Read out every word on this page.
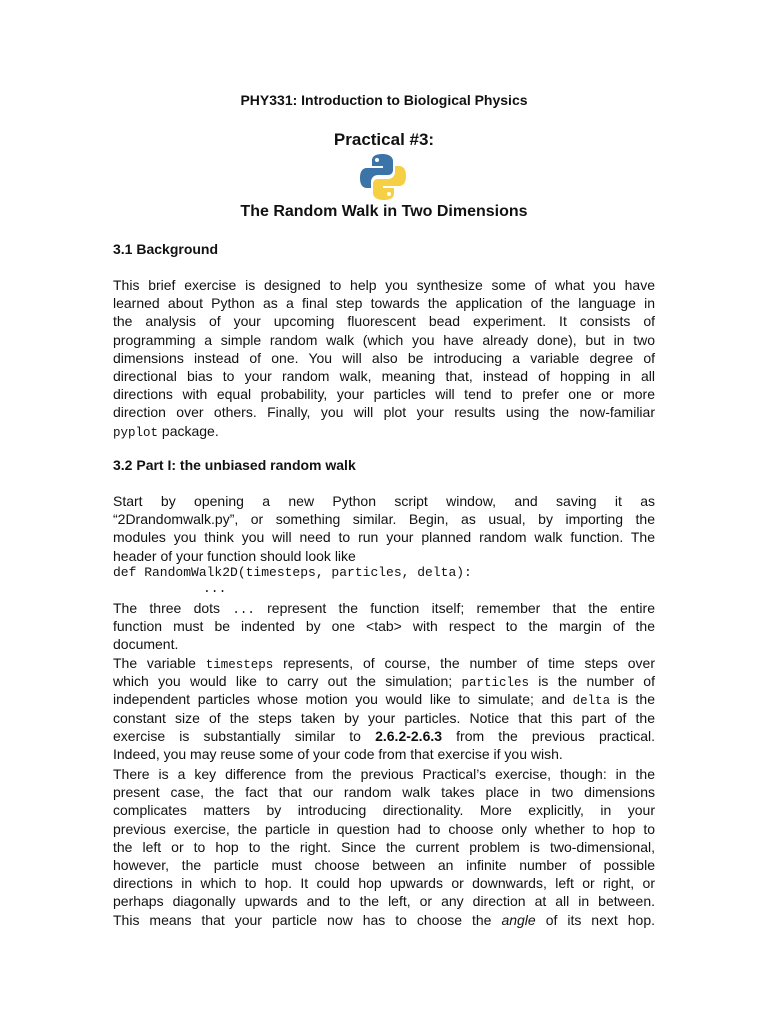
PHY331: Introduction to Biological Physics
Practical #3:
The Random Walk in Two Dimensions
3.1 Background
This brief exercise is designed to help you synthesize some of what you have
learned about Python as a final step towards the application of the language in
the analysis of your upcoming fluorescent bead experiment. It consists of
programming a simple random walk (which you have already done), but in two
dimensions instead of one. You will also be introducing a variable degree of
directional bias to your random walk, meaning that, instead of hopping in all
directions with equal probability, your particles will tend to prefer one or more
direction over others. Finally, you will plot your results using the now-familiar
pyplot package.
3.2 Part I: the unbiased random walk
Start by opening a new Python script window, and saving it as
“2Drandomwalk.py”, or something similar. Begin, as usual, by importing the
modules you think you will need to run your planned random walk function. The
header of your function should look like
def RandomWalk2D(timesteps, particles, delta):
...
The three dots ... represent the function itself; remember that the entire
function must be indented by one <tab> with respect to the margin of the
document.
The variable timesteps represents, of course, the number of time steps over
which you would like to carry out the simulation; particles is the number of
independent particles whose motion you would like to simulate; and delta is the
constant size of the steps taken by your particles. Notice that this part of the
exercise is substantially similar to 2.6.2-2.6.3 from the previous practical.
Indeed, you may reuse some of your code from that exercise if you wish.
There is a key difference from the previous Practical’s exercise, though: in the
present case, the fact that our random walk takes place in two dimensions
complicates matters by introducing directionality. More explicitly, in your
previous exercise, the particle in question had to choose only whether to hop to
the left or to hop to the right. Since the current problem is two-dimensional,
however, the particle must choose between an infinite number of possible
directions in which to hop. It could hop upwards or downwards, left or right, or
perhaps diagonally upwards and to the left, or any direction at all in between.
This means that your particle now has to choose the angle of its next hop.
